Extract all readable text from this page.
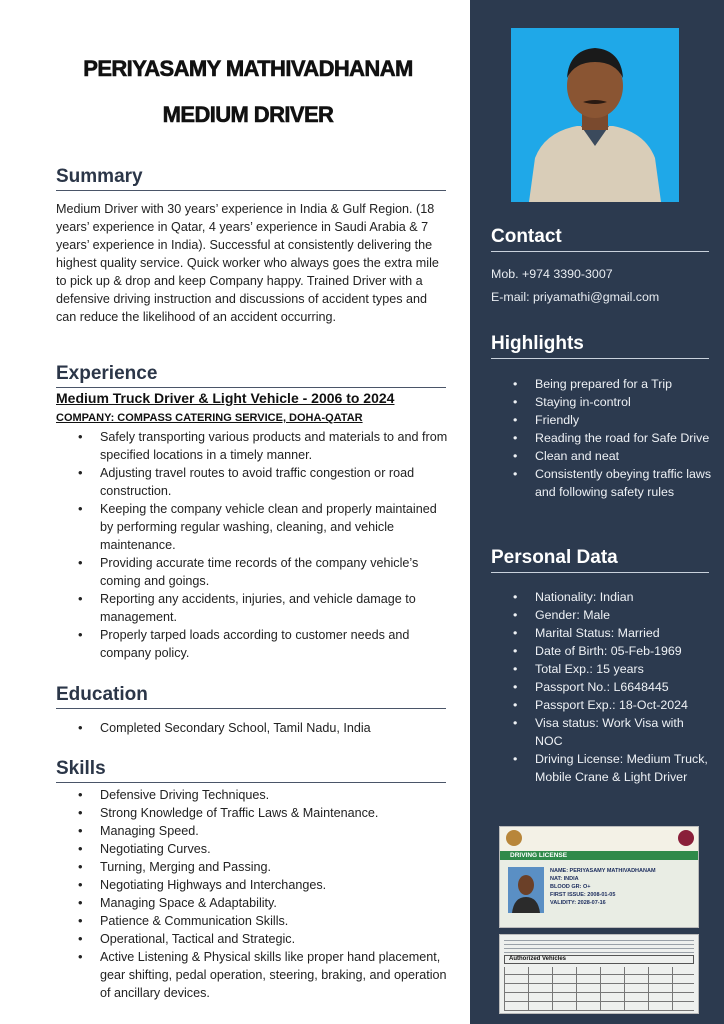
PERIYASAMY MATHIVADHANAM
MEDIUM DRIVER
Summary
Medium Driver with 30 years’ experience in India & Gulf Region. (18 years’ experience in Qatar, 4 years’ experience in Saudi Arabia & 7 years’ experience in India). Successful at consistently delivering the highest quality service. Quick worker who always goes the extra mile to pick up & drop and keep Company happy. Trained Driver with a defensive driving instruction and discussions of accident types and can reduce the likelihood of an accident occurring.
Experience
Medium Truck Driver & Light Vehicle - 2006 to 2024
COMPANY: COMPASS CATERING SERVICE, DOHA-QATAR
• Safely transporting various products and materials to and from specified locations in a timely manner.
• Adjusting travel routes to avoid traffic congestion or road construction.
• Keeping the company vehicle clean and properly maintained by performing regular washing, cleaning, and vehicle maintenance.
• Providing accurate time records of the company vehicle’s coming and goings.
• Reporting any accidents, injuries, and vehicle damage to management.
• Properly tarped loads according to customer needs and company policy.
Education
• Completed Secondary School, Tamil Nadu, India
Skills
• Defensive Driving Techniques.
• Strong Knowledge of Traffic Laws & Maintenance.
• Managing Speed.
• Negotiating Curves.
• Turning, Merging and Passing.
• Negotiating Highways and Interchanges.
• Managing Space & Adaptability.
• Patience & Communication Skills.
• Operational, Tactical and Strategic.
• Active Listening & Physical skills like proper hand placement, gear shifting, pedal operation, steering, braking, and operation of ancillary devices.
Contact
Mob. +974 3390-3007
E-mail: priyamathi@gmail.com
Highlights
• Being prepared for a Trip
• Staying in-control
• Friendly
• Reading the road for Safe Drive
• Clean and neat
• Consistently obeying traffic laws and following safety rules
Personal Data
• Nationality: Indian
• Gender: Male
• Marital Status: Married
• Date of Birth: 05-Feb-1969
• Total Exp.: 15 years
• Passport No.: L6648445
• Passport Exp.: 18-Oct-2024
• Visa status: Work Visa with NOC
• Driving License: Medium Truck, Mobile Crane & Light Driver
DRIVING LICENSE
NAME: PERIYASAMY MATHIVADHANAM
NAT: INDIA
BLOOD GR: O+
FIRST ISSUE: 2008-01-05
VALIDITY: 2028-07-16
Authorized Vehicles
